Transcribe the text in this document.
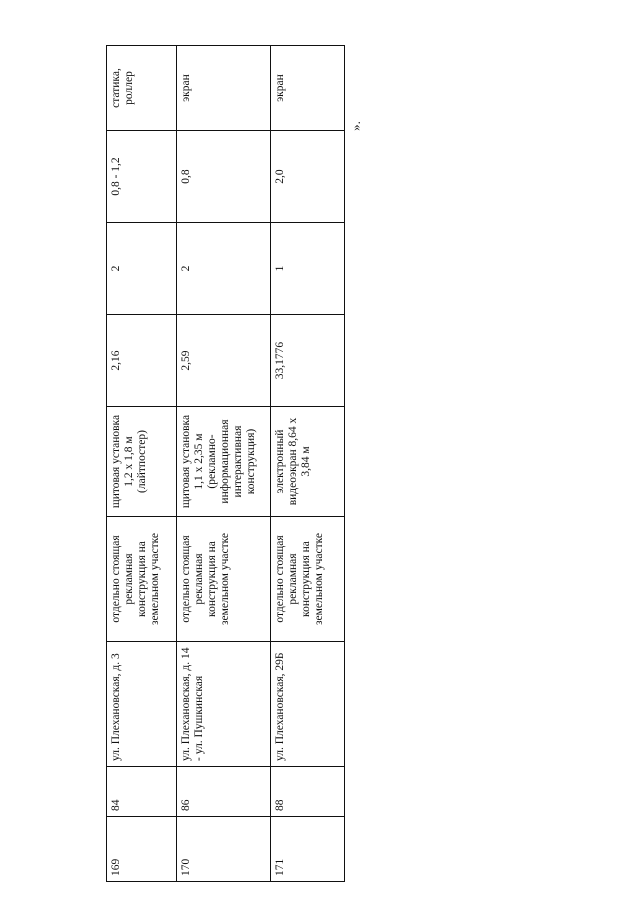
169	84	ул. Плехановская, д. 3	отдельно стоящая рекламная конструкция на земельном участке	щитовая установка 1,2 х 1,8 м (лайтпостер)	2,16	2	0,8 - 1,2	статика, роллер
170	86	ул. Плехановская, д. 14 - ул. Пушкинская	отдельно стоящая рекламная конструкция на земельном участке	щитовая установка 1,1 х 2,35 м (рекламно-информационная интерактивная конструкция)	2,59	2	0,8	экран
171	88	ул. Плехановская, 29Б	отдельно стоящая рекламная конструкция на земельном участке	электронный видеоэкран 8,64 х 3,84 м	33,1776	1	2,0	экран
».
